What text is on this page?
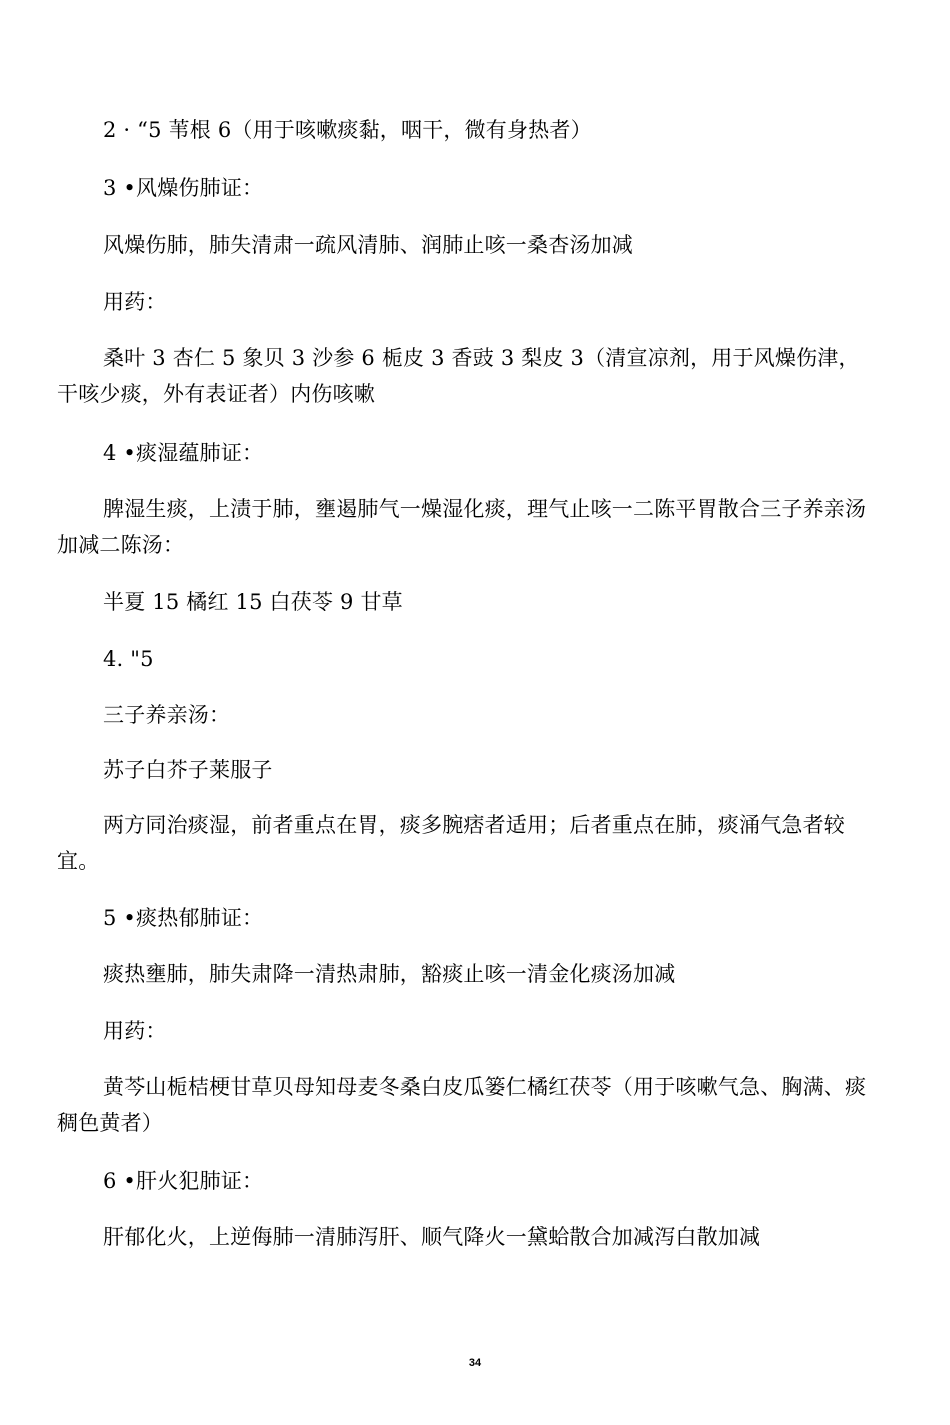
2 · “5 苇根 6（用于咳嗽痰黏，咽干，微有身热者）

3 •风燥伤肺证：

风燥伤肺，肺失清肃一疏风清肺、润肺止咳一桑杏汤加减

用药：

桑叶 3 杏仁 5 象贝 3 沙参 6 栀皮 3 香豉 3 梨皮 3（清宣凉剂，用于风燥伤津，干咳少痰，外有表证者）内伤咳嗽

4 •痰湿蕴肺证：

脾湿生痰，上渍于肺，壅遏肺气一燥湿化痰，理气止咳一二陈平胃散合三子养亲汤加减二陈汤：

半夏 15 橘红 15 白茯苓 9 甘草

4. "5

三子养亲汤：

苏子白芥子莱服子

两方同治痰湿，前者重点在胃，痰多腕痞者适用；后者重点在肺，痰涌气急者较宜。

5 •痰热郁肺证：

痰热壅肺，肺失肃降一清热肃肺，豁痰止咳一清金化痰汤加减

用药：

黄芩山栀桔梗甘草贝母知母麦冬桑白皮瓜篓仁橘红茯苓（用于咳嗽气急、胸满、痰稠色黄者）

6 •肝火犯肺证：

肝郁化火，上逆侮肺一清肺泻肝、顺气降火一黛蛤散合加减泻白散加减

34
